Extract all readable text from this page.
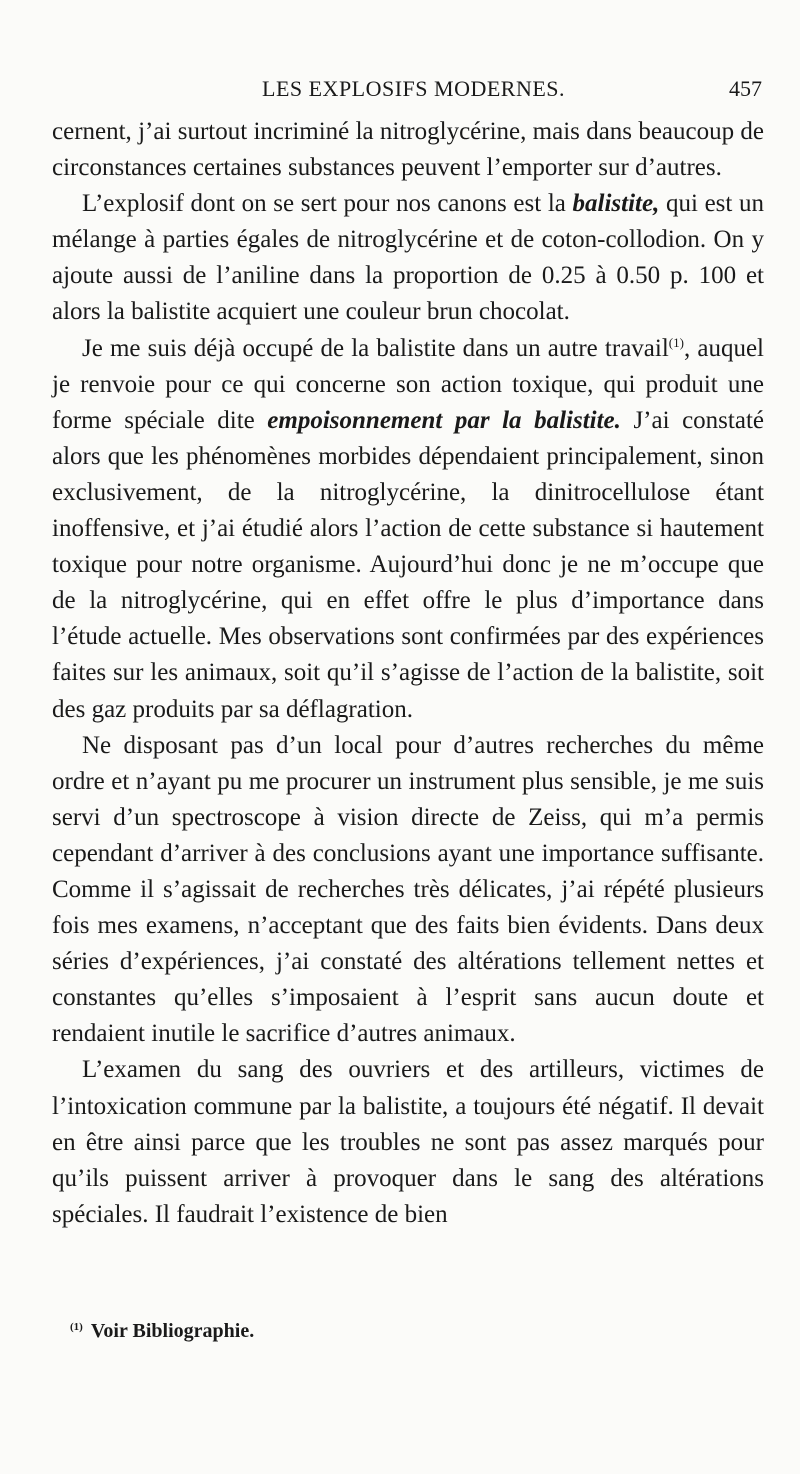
LES EXPLOSIFS MODERNES.	457

cernent, j’ai surtout incriminé la nitroglycérine, mais dans beaucoup de circonstances certaines substances peuvent l’emporter sur d’autres.

L’explosif dont on se sert pour nos canons est la balistite, qui est un mélange à parties égales de nitroglycérine et de coton-collodion. On y ajoute aussi de l’aniline dans la proportion de 0.25 à 0.50 p. 100 et alors la balistite acquiert une couleur brun chocolat.

Je me suis déjà occupé de la balistite dans un autre travail$^{(1)}$, auquel je renvoie pour ce qui concerne son action toxique, qui produit une forme spéciale dite empoisonnement par la balistite. J’ai constaté alors que les phénomènes morbides dépendaient principalement, sinon exclusivement, de la nitroglycérine, la dinitrocellulose étant inoffensive, et j’ai étudié alors l’action de cette substance si hautement toxique pour notre organisme. Aujourd’hui donc je ne m’occupe que de la nitroglycérine, qui en effet offre le plus d’importance dans l’étude actuelle. Mes observations sont confirmées par des expériences faites sur les animaux, soit qu’il s’agisse de l’action de la balistite, soit des gaz produits par sa déflagration.

Ne disposant pas d’un local pour d’autres recherches du même ordre et n’ayant pu me procurer un instrument plus sensible, je me suis servi d’un spectroscope à vision directe de Zeiss, qui m’a permis cependant d’arriver à des conclusions ayant une importance suffisante. Comme il s’agissait de recherches très délicates, j’ai répété plusieurs fois mes examens, n’acceptant que des faits bien évidents. Dans deux séries d’expériences, j’ai constaté des altérations tellement nettes et constantes qu’elles s’imposaient à l’esprit sans aucun doute et rendaient inutile le sacrifice d’autres animaux.

L’examen du sang des ouvriers et des artilleurs, victimes de l’intoxication commune par la balistite, a toujours été négatif. Il devait en être ainsi parce que les troubles ne sont pas assez marqués pour qu’ils puissent arriver à provoquer dans le sang des altérations spéciales. Il faudrait l’existence de bien

$^{(1)}$ Voir Bibliographie.
